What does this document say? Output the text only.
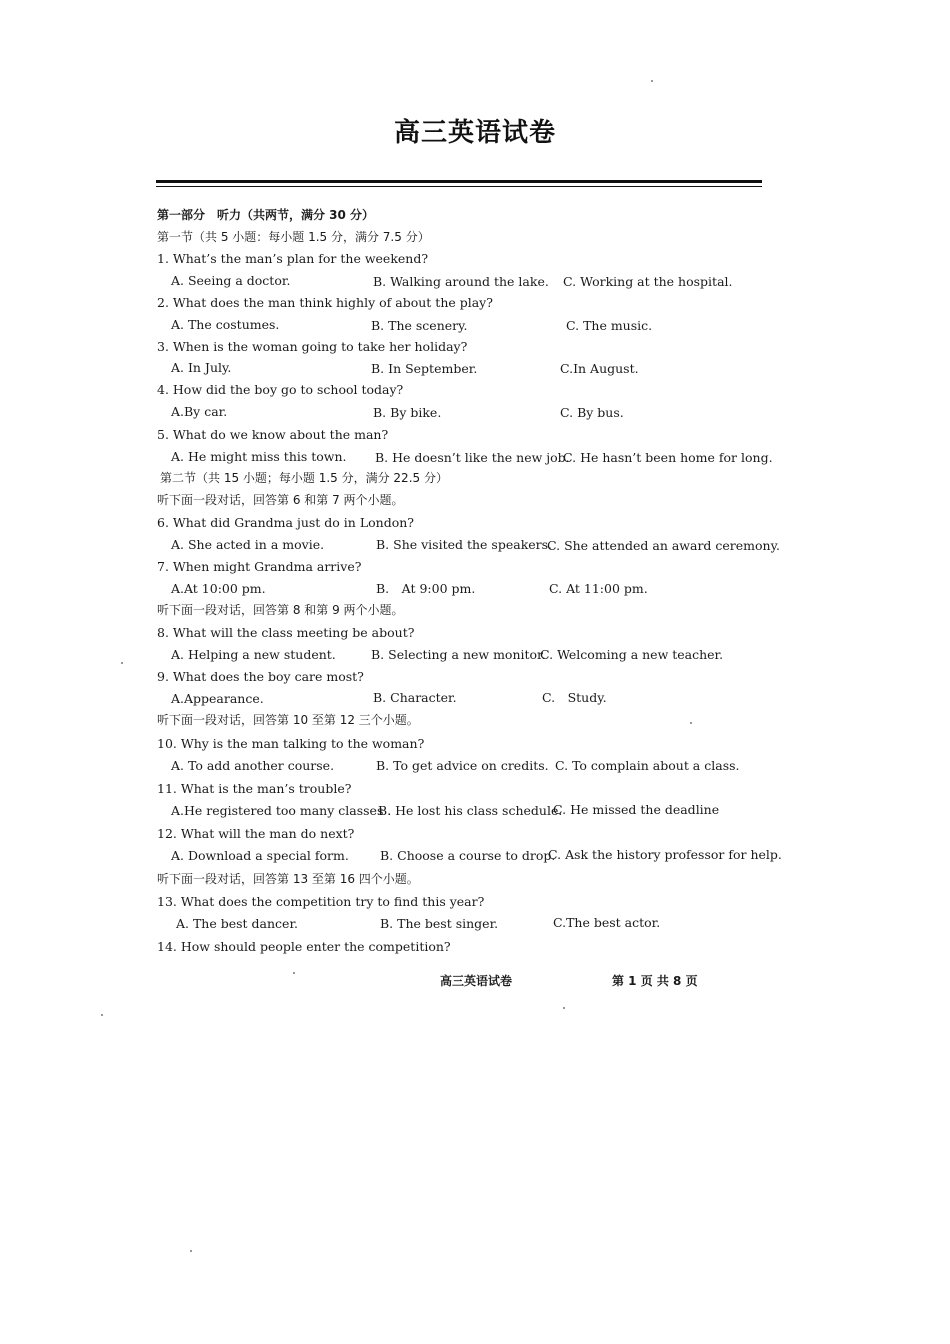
高三英语试卷
第一部分　听力（共两节，满分 30 分）
第一节（共 5 小题：每小题 1.5 分，满分 7.5 分）
1. What’s the man’s plan for the weekend?
A. Seeing a doctor.	B. Walking around the lake. C. Working at the hospital.
2. What does the man think highly of about the play?
A. The costumes.	B. The scenery.	C. The music.
3. When is the woman going to take her holiday?
A. In July.	B. In September.	C.In August.
4. How did the boy go to school today?
A.By car.	B. By bike.	C. By bus.
5. What do we know about the man?
A. He might miss this town. B. He doesn’t like the new job.
C. He hasn’t been home for long.
第二节（共 15 小题；每小题 1.5 分，满分 22.5 分）
听下面一段对话，回答第 6 和第 7 两个小题。
6. What did Grandma just do in London?
A. She acted in a movie.	B. She visited the speakers.
C. She attended an award ceremony.
7. When might Grandma arrive?
A.At 10:00 pm.	B.　At 9:00 pm.	C. At 11:00 pm.
听下面一段对话，回答第 8 和第 9 两个小题。
8. What will the class meeting be about?
A. Helping a new student.	B. Selecting a new monitor.
C. Welcoming a new teacher.
9. What does the boy care most?
A.Appearance.	B. Character.	C.　Study.
听下面一段对话，回答第 10 至第 12 三个小题。
10. Why is the man talking to the woman?
A. To add another course.	B. To get advice on credits. C. To complain about a class.
11. What is the man’s trouble?
A.He registered too many classes .
B. He lost his class schedule.
C. He missed the deadline
12. What will the man do next?
A. Download a special form. B. Choose a course to drop.
C. Ask the history professor for help.
听下面一段对话，回答第 13 至第 16 四个小题。
13. What does the competition try to find this year?
A. The best dancer.	B. The best singer.	C.The best actor.
14. How should people enter the competition?
高三英语试卷	第 1 页 共 8 页
